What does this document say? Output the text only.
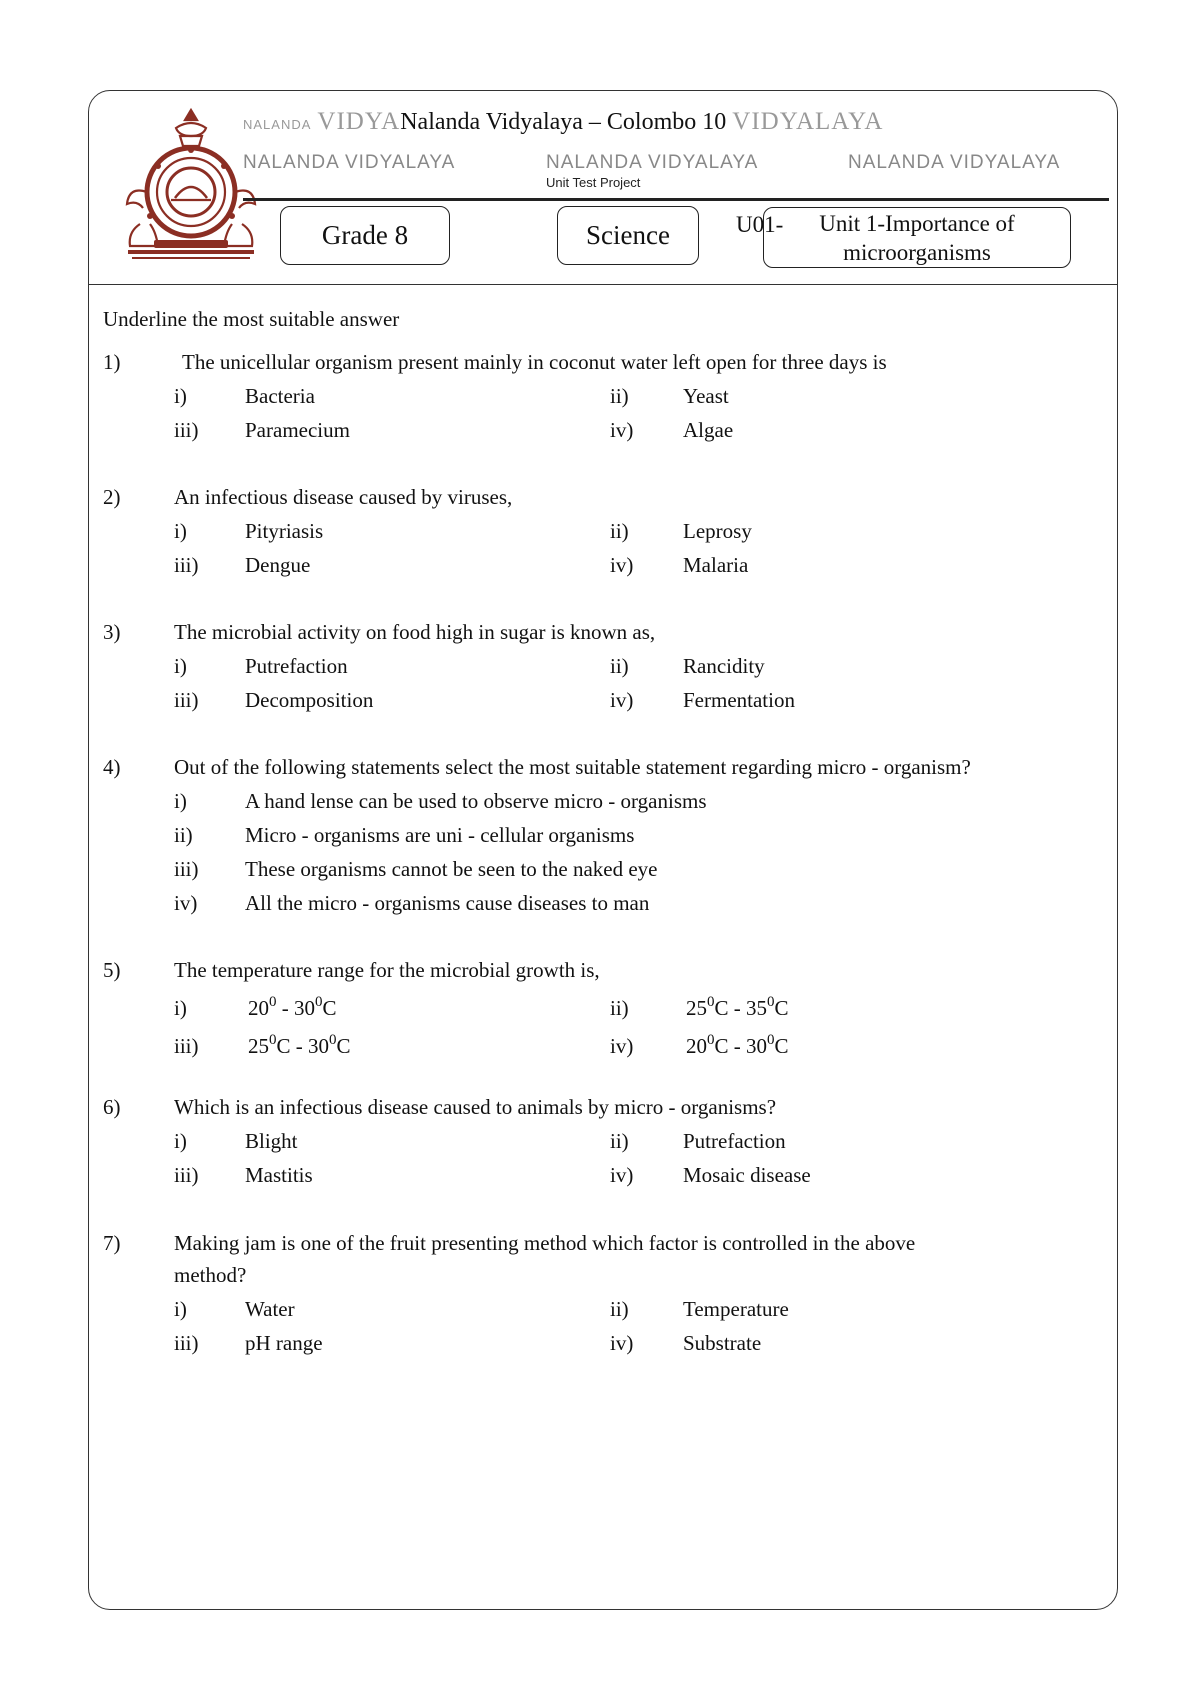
NALANDA VIDYANalanda Vidyalaya – Colombo 10 VIDYALAYA
NALANDA VIDYALAYA	NALANDA VIDYALAYA	NALANDA VIDYALAYA
Unit Test Project
Grade 8	Science	U01-	Unit 1-Importance of microorganisms
Underline the most suitable answer
1)	The unicellular organism present mainly in coconut water left open for three days is
i)	Bacteria	ii)	Yeast
iii) Paramecium	iv) Algae
2)	An infectious disease caused by viruses,
i)	Pityriasis	ii)	Leprosy
iii) Dengue	iv) Malaria
3)	The microbial activity on food high in sugar is known as,
i)	Putrefaction	ii)	Rancidity
iii) Decomposition	iv) Fermentation
4)	Out of the following statements select the most suitable statement regarding micro - organism?
i)	A hand lense can be used to observe micro - organisms
ii) Micro - organisms are uni - cellular organisms
iii) These organisms cannot be seen to the naked eye
iv) All the micro - organisms cause diseases to man
5)	The temperature range for the microbial growth is,
i)	$20^0 - 30^0C$	ii)	$25^0C - 35^0C$
iii) $25^0C - 30^0C$	iv)	$20^0C - 30^0C$
6)	Which is an infectious disease caused to animals by micro - organisms?
i)	Blight	ii)	Putrefaction
iii) Mastitis	iv) Mosaic disease
7)	Making jam is one of the fruit presenting method which factor is controlled in the above
method?
i)	Water	ii)	Temperature
iii) pH range	iv) Substrate
